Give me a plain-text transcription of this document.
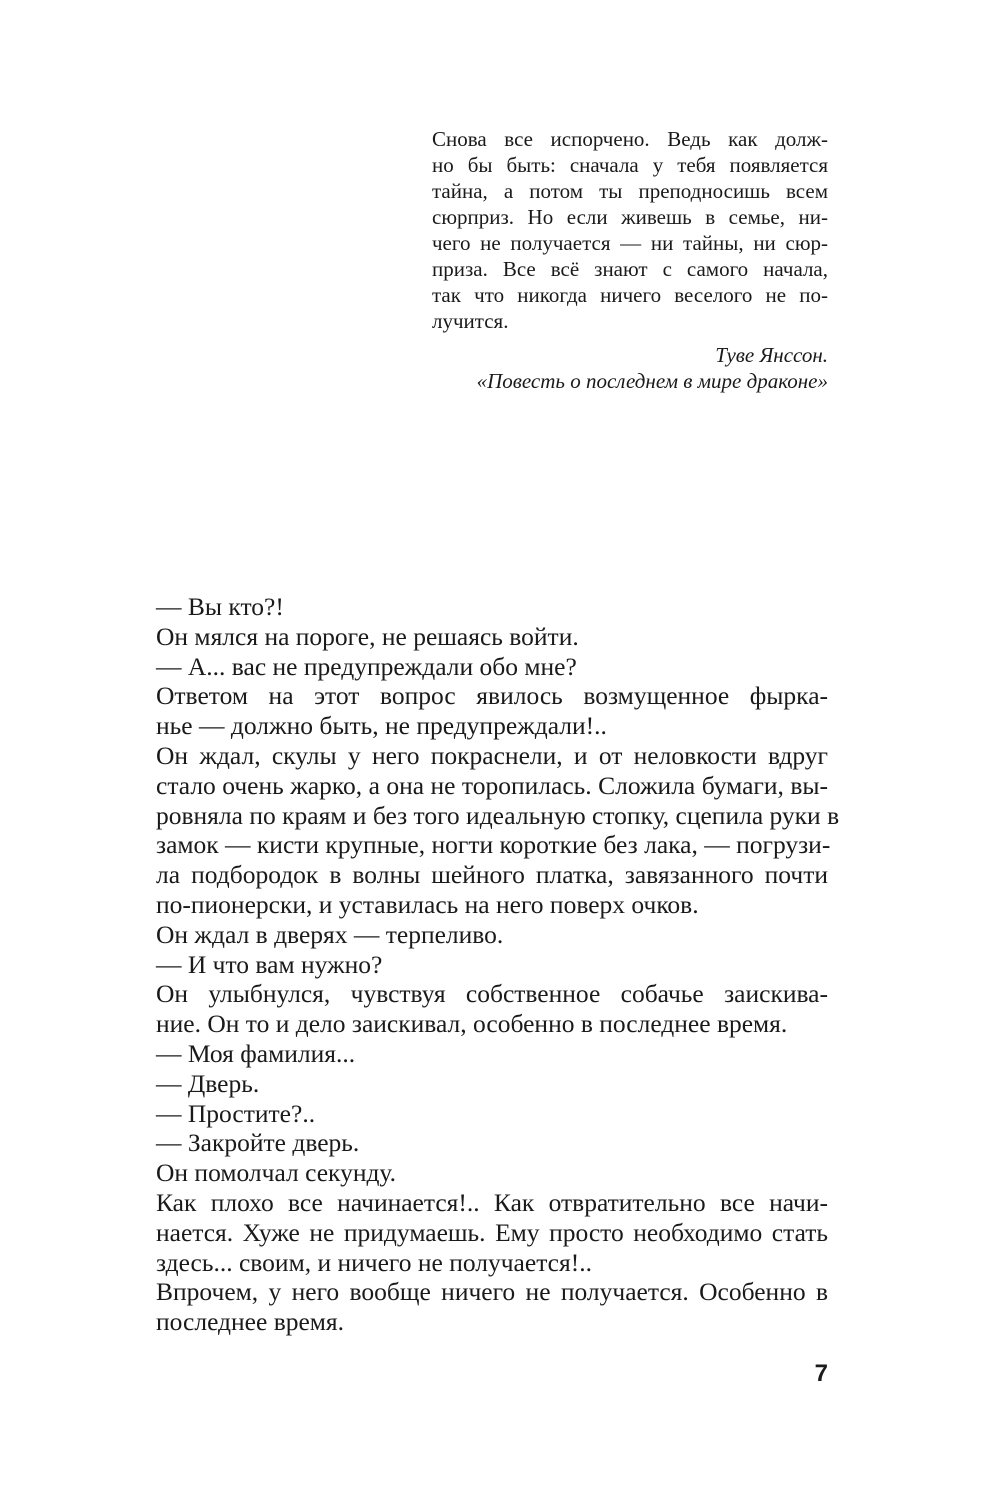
Снова все испорчено. Ведь как долж-
но бы быть: сначала у тебя появляется
тайна, а потом ты преподносишь всем
сюрприз. Но если живешь в семье, ни-
чего не получается — ни тайны, ни сюр-
приза. Все всё знают с самого начала,
так что никогда ничего веселого не по-
лучится.
Туве Янссон.
«Повесть о последнем в мире драконе»
— Вы кто?!
Он мялся на пороге, не решаясь войти.
— А... вас не предупреждали обо мне?
Ответом на этот вопрос явилось возмущенное фырка-
нье — должно быть, не предупреждали!..
Он ждал, скулы у него покраснели, и от неловкости вдруг
стало очень жарко, а она не торопилась. Сложила бумаги, вы-
ровняла по краям и без того идеальную стопку, сцепила руки в
замок — кисти крупные, ногти короткие без лака, — погрузи-
ла подбородок в волны шейного платка, завязанного почти
по-пионерски, и уставилась на него поверх очков.
Он ждал в дверях — терпеливо.
— И что вам нужно?
Он улыбнулся, чувствуя собственное собачье заискива-
ние. Он то и дело заискивал, особенно в последнее время.
— Моя фамилия...
— Дверь.
— Простите?..
— Закройте дверь.
Он помолчал секунду.
Как плохо все начинается!.. Как отвратительно все начи-
нается. Хуже не придумаешь. Ему просто необходимо стать
здесь... своим, и ничего не получается!..
Впрочем, у него вообще ничего не получается. Особенно в
последнее время.
7
